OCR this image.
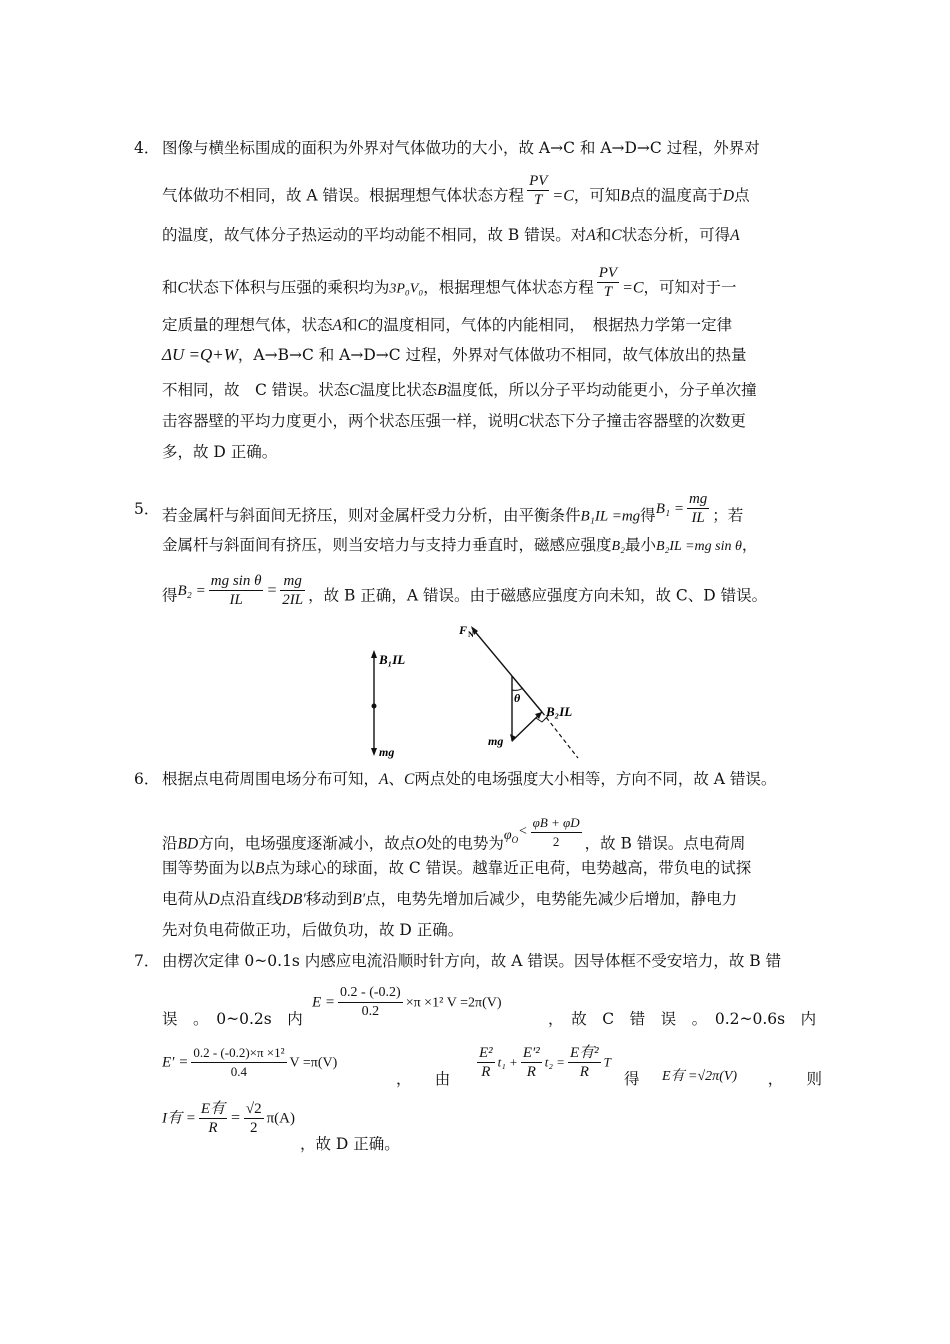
4． 图像与横坐标围成的面积为外界对气体做功的大小，故 A→C 和 A→D→C 过程，外界对
气体做功不相同，故 A 错误。根据理想气体状态方程 $\frac{PV}{T} =C$，可知B点的温度高于D点
的温度，故气体分子热运动的平均动能不相同，故 B 错误。对A和C状态分析，可得A
和C状态下体积与压强的乘积均为3P₀V₀，根据理想气体状态方程 $\frac{PV}{T} =C$，可知对于一
定质量的理想气体，状态A和C的温度相同，气体的内能相同，　根据热力学第一定律
ΔU =Q+W，A→B→C 和 A→D→C 过程，外界对气体做功不相同，故气体放出的热量
不相同，故　C 错误。状态C温度比状态B温度低，所以分子平均动能更小，分子单次撞
击容器壁的平均力度更小，两个状态压强一样，说明C状态下分子撞击容器壁的次数更
多，故 D 正确。
5． 若金属杆与斜面间无挤压，则对金属杆受力分析，由平衡条件B₁IL =mg得$B_1 = \frac{mg}{IL}$ ；若
金属杆与斜面间有挤压，则当安培力与支持力垂直时，磁感应强度B₂最小B₂IL =mg sin θ，
得$B_2 = \frac{\text{mg sin θ}}{IL} = \frac{mg}{2IL}$ ，故 B 正确，A 错误。由于磁感应强度方向未知，故 C、D 错误。
B₁IL
mg
F N
θ
B₂IL
mg
6． 根据点电荷周围电场分布可知，A、C两点处的电场强度大小相等，方向不同，故 A 错误。
沿BD方向，电场强度逐渐减小，故点O处的电势为$\varphi_O< \frac{\varphi B + \varphi D}{2}$ ，故 B 错误。点电荷周
围等势面为以B点为球心的球面，故 C 错误。越靠近正电荷，电势越高，带负电的试探
电荷从D点沿直线DB′移动到B′点，电势先增加后减少，电势能先减少后增加，静电力
先对负电荷做正功，后做负功，故 D 正确。
7． 由楞次定律 0~0.1s 内感应电流沿顺时针方向，故 A 错误。因导体框不受安培力，故 B 错
误　。　0~0.2s　内
$E = \frac{0.2 - (-0.2)}{0.2} \times\pi \times 1^2$ V =2π(V)
，　故　C　错　误　。　0.2~0.6s　内
$E' = \frac{\text{0.2 - (-0.2)×π ×1²}}{0.4}$ V =π(V)
，　　由	$\frac{\text{E²}}{R} t_1 + \frac{\text{E′²}}{R} t_2 = \frac{\text{E有²}}{R}$ T
得	E有 =√2π(V)	，　　则
I有 = $\frac{\text{E有}}{R} = \frac{√2}{2} \pi(A)$
，故 D 正确。
